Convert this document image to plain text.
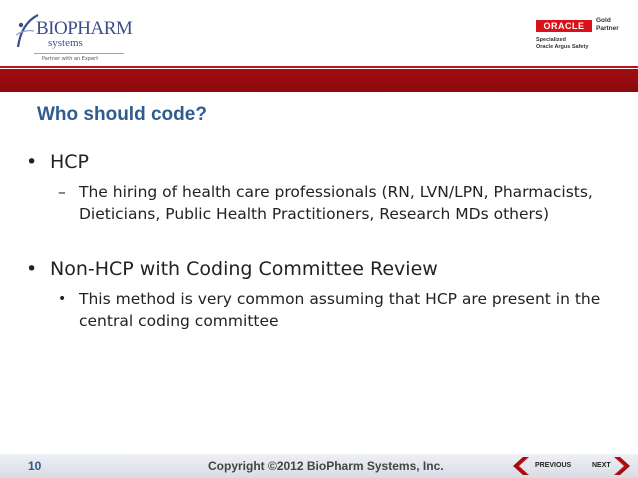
BIOPHARM
systems
Partner with an Expert
ORACLE
Gold Partner
Specialized
Oracle Argus Safety
Who should code?
• HCP
– The hiring of health care professionals (RN, LVN/LPN, Pharmacists, Dieticians, Public Health Practitioners, Research MDs others)
• Non-HCP with Coding Committee Review
• This method is very common assuming that HCP are present in the central coding committee
10	Copyright ©2012 BioPharm Systems, Inc.	PREVIOUS	NEXT
